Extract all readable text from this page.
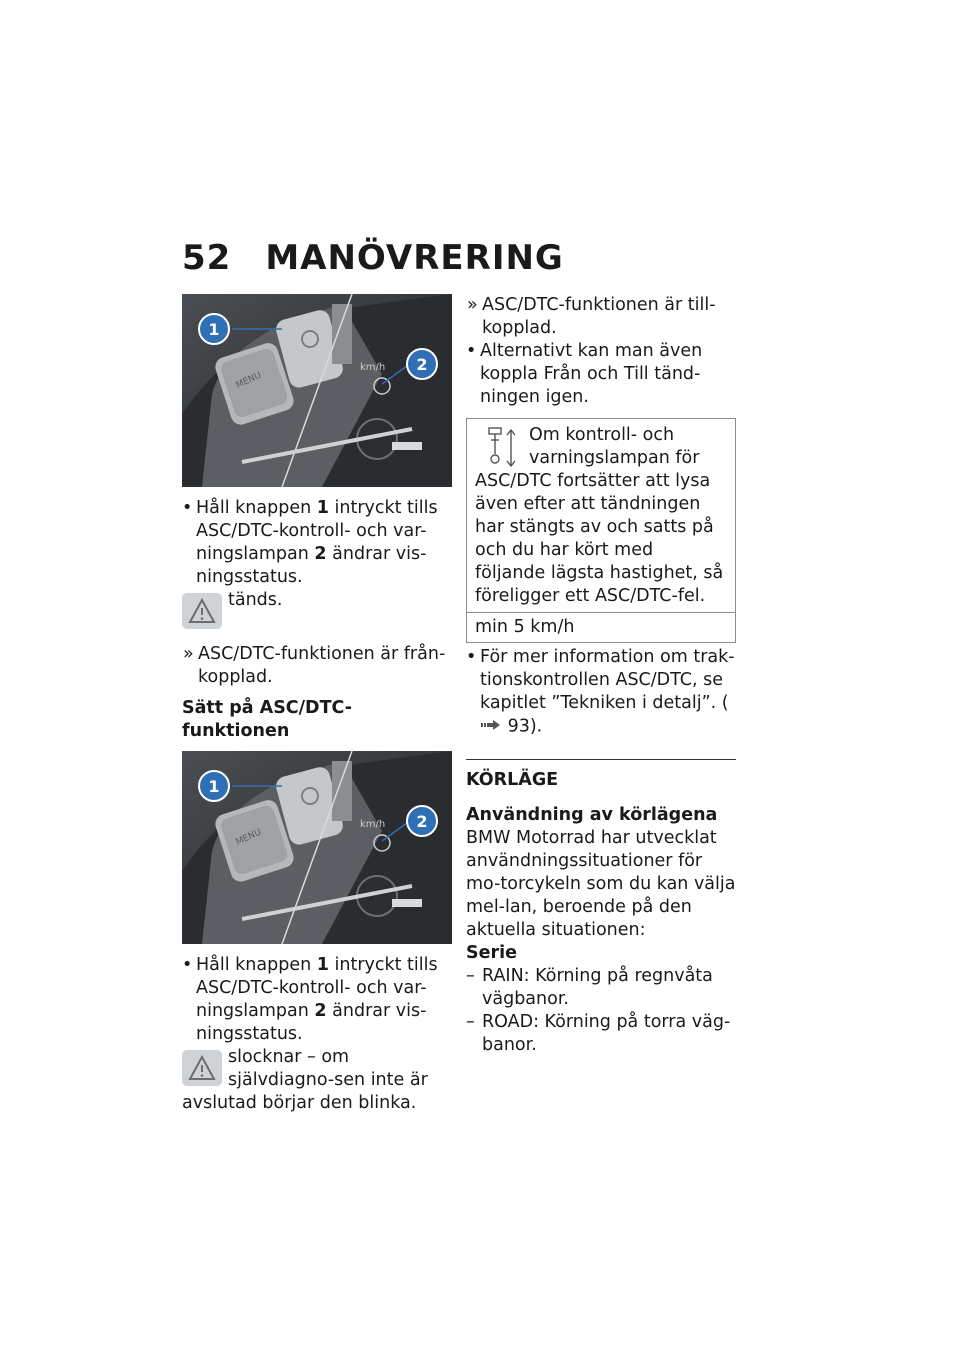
52 MANÖVRERING
MENU
km/h
1
2

• Håll knappen 1 intryckt tills ASC/DTC-kontroll- och var-ningslampan 2 ändrar vis-ningsstatus.

tänds.

» ASC/DTC-funktionen är från-kopplad.

Sätt på ASC/DTC-funktionen

MENU
km/h
1
2

• Håll knappen 1 intryckt tills ASC/DTC-kontroll- och var-ningslampan 2 ändrar vis-ningsstatus.

slocknar – om självdiagno-sen inte är avslutad börjar den blinka.

» ASC/DTC-funktionen är till-kopplad.

• Alternativt kan man även koppla Från och Till tänd-ningen igen.

Om kontroll- och varningslampan för ASC/DTC fortsätter att lysa även efter att tändningen har stängts av och satts på och du har kört med följande lägsta hastighet, så föreligger ett ASC/DTC-fel.
min 5 km/h

• För mer information om trak-tionskontrollen ASC/DTC, se kapitlet ”Tekniken i detalj”. ( 93).

KÖRLÄGE

Användning av körlägena

BMW Motorrad har utvecklat användningssituationer för mo-torcykeln som du kan välja mel-lan, beroende på den aktuella situationen:

Serie

– RAIN: Körning på regnvåta vägbanor.

– ROAD: Körning på torra väg-banor.
